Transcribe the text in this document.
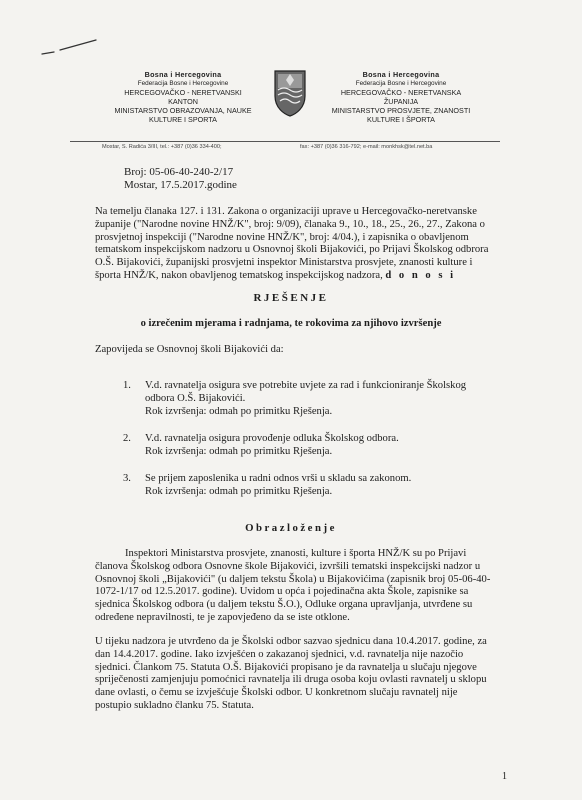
Bosna i Hercegovina
Federacija Bosne i Hercegovine
HERCEGOVAČKO - NERETVANSKI
KANTON
MINISTARSTVO OBRAZOVANJA, NAUKE
KULTURE I SPORTA
Bosna i Hercegovina
Federacija Bosne i Hercegovine
HERCEGOVAČKO - NERETVANSKA
ŽUPANIJA
MINISTARSTVO PROSVJETE, ZNANOSTI
KULTURE I ŠPORTA
Mostar, S. Radića 3/III, tel.: +387 (0)36 334-400;	fax: +387 (0)36 316-792; e-mail: monkhsk@tel.net.ba
Broj: 05-06-40-240-2/17
Mostar, 17.5.2017.godine
Na temelju članaka 127. i 131. Zakona o organizaciji uprave u Hercegovačko-neretvanske
županije ("Narodne novine HNŽ/K", broj: 9/09), članaka 9., 10., 18., 25., 26., 27., Zakona o
prosvjetnoj inspekciji ("Narodne novine HNŽ/K", broj: 4/04.), i zapisnika o obavljenom
tematskom inspekcijskom nadzoru u Osnovnoj školi Bijakovići, po Prijavi Školskog odbrora
O.Š. Bijakovići, županijski prosvjetni inspektor Ministarstva prosvjete, znanosti kulture i
športa HNŽ/K, nakon obavljenog tematskog inspekcijskog nadzora, d o n o s i
RJEŠENJE
o izrečenim mjerama i radnjama, te rokovima za njihovo izvršenje
Zapovijeda se Osnovnoj školi Bijakovići da:
1. V.d. ravnatelja osigura sve potrebite uvjete za rad i funkcioniranje Školskog
odbora O.Š. Bijakovići.
Rok izvršenja: odmah po primitku Rješenja.
2. V.d. ravnatelja osigura provođenje odluka Školskog odbora.
Rok izvršenja: odmah po primitku Rješenja.
3. Se prijem zaposlenika u radni odnos vrši u skladu sa zakonom.
Rok izvršenja: odmah po primitku Rješenja.
Obrazloženje
Inspektori Ministarstva prosvjete, znanosti, kulture i športa HNŽ/K su po Prijavi
članova Školskog odbora Osnovne škole Bijakovići, izvršili tematski inspekcijski nadzor u
Osnovnoj školi „Bijakovići" (u daljem tekstu Škola) u Bijakovićima (zapisnik broj 05-06-40-
1072-1/17 od 12.5.2017. godine). Uvidom u opća i pojedinačna akta Škole, zapisnike sa
sjednica Školskog odbora (u daljem tekstu Š.O.), Odluke organa upravljanja, utvrđene su
određene nepravilnosti, te je zapovjeđeno da se iste otklone.
U tijeku nadzora je utvrđeno da je Školski odbor sazvao sjednicu dana 10.4.2017. godine, za
dan 14.4.2017. godine. Iako izvješćen o zakazanoj sjednici, v.d. ravnatelja nije nazočio
sjednici. Člankom 75. Statuta O.Š. Bijakovići propisano je da ravnatelja u slučaju njegove
spriječenosti zamjenjuju pomoćnici ravnatelja ili druga osoba koju ovlasti ravnatelj u sklopu
dane ovlasti, o čemu se izvješćuje Školski odbor. U konkretnom slučaju ravnatelj nije
postupio sukladno članku 75. Statuta.
1
